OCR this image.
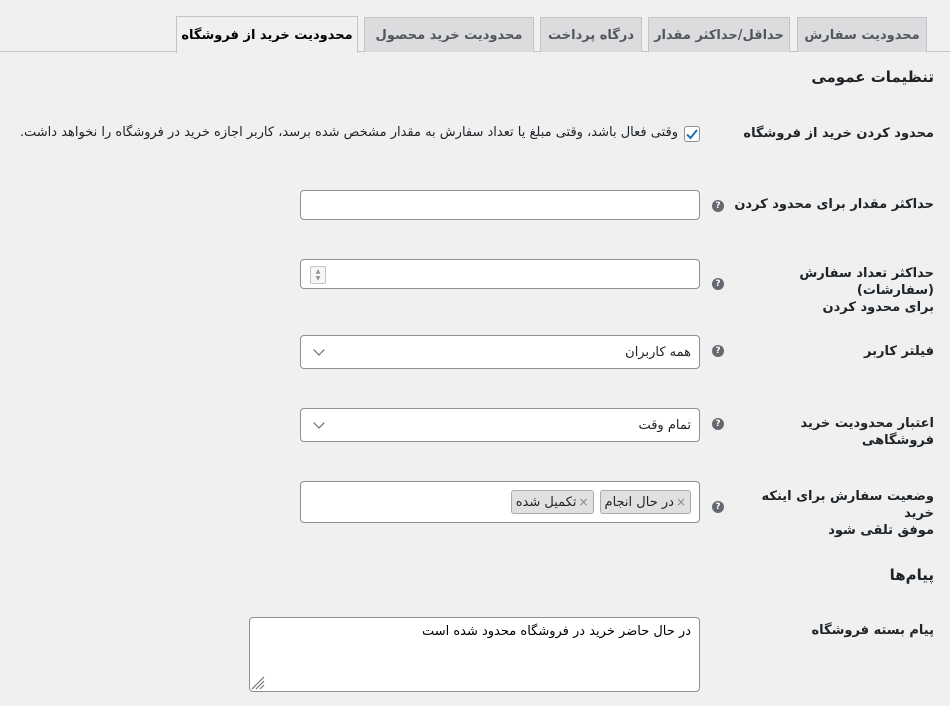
محدودیت سفارش
حداقل/حداکثر مقدار
درگاه پرداخت
محدودیت خرید محصول
محدودیت خرید از فروشگاه
تنظیمات عمومی
محدود کردن خرید از فروشگاه
وقتی فعال باشد، وقتی مبلغ یا تعداد سفارش به مقدار مشخص شده برسد، کاربر اجازه خرید در فروشگاه را نخواهد داشت.
حداکثر مقدار برای محدود کردن
?
حداکثر تعداد سفارش (سفارشات)
برای محدود کردن
?
▲
▼
فیلتر کاربر
?
همه کاربران
اعتبار محدودیت خرید فروشگاهی
?
تمام وقت
وضعیت سفارش برای اینکه خرید
موفق تلقی شود
?
×
در حال انجام
×
تکمیل شده
پیام‌ها
پیام بسته فروشگاه
در حال حاضر خرید در فروشگاه محدود شده است
